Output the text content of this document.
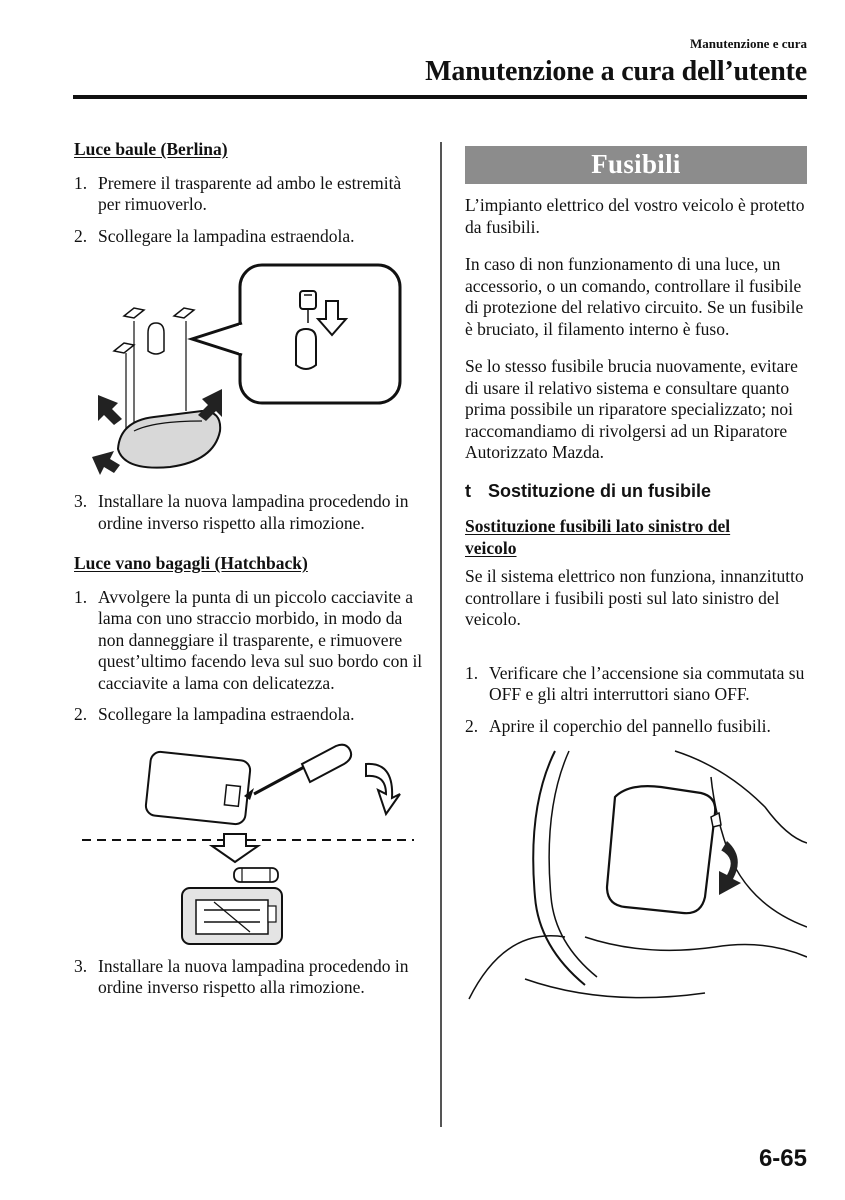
Manutenzione e cura
Manutenzione a cura dell’utente

Luce baule (Berlina)

1. Premere il trasparente ad ambo le estremità per rimuoverlo.
2. Scollegare la lampadina estraendola.
3. Installare la nuova lampadina procedendo in ordine inverso rispetto alla rimozione.

Luce vano bagagli (Hatchback)

1. Avvolgere la punta di un piccolo cacciavite a lama con uno straccio morbido, in modo da non danneggiare il trasparente, e rimuovere quest’ultimo facendo leva sul suo bordo con il cacciavite a lama con delicatezza.
2. Scollegare la lampadina estraendola.
3. Installare la nuova lampadina procedendo in ordine inverso rispetto alla rimozione.
Fusibili

L’impianto elettrico del vostro veicolo è protetto da fusibili.

In caso di non funzionamento di una luce, un accessorio, o un comando, controllare il fusibile di protezione del relativo circuito. Se un fusibile è bruciato, il filamento interno è fuso.

Se lo stesso fusibile brucia nuovamente, evitare di usare il relativo sistema e consultare quanto prima possibile un riparatore specializzato; noi raccomandiamo di rivolgersi ad un Riparatore Autorizzato Mazda.

t Sostituzione di un fusibile

Sostituzione fusibili lato sinistro del veicolo

Se il sistema elettrico non funziona, innanzitutto controllare i fusibili posti sul lato sinistro del veicolo.

1. Verificare che l’accensione sia commutata su OFF e gli altri interruttori siano OFF.
2. Aprire il coperchio del pannello fusibili.
6-65
